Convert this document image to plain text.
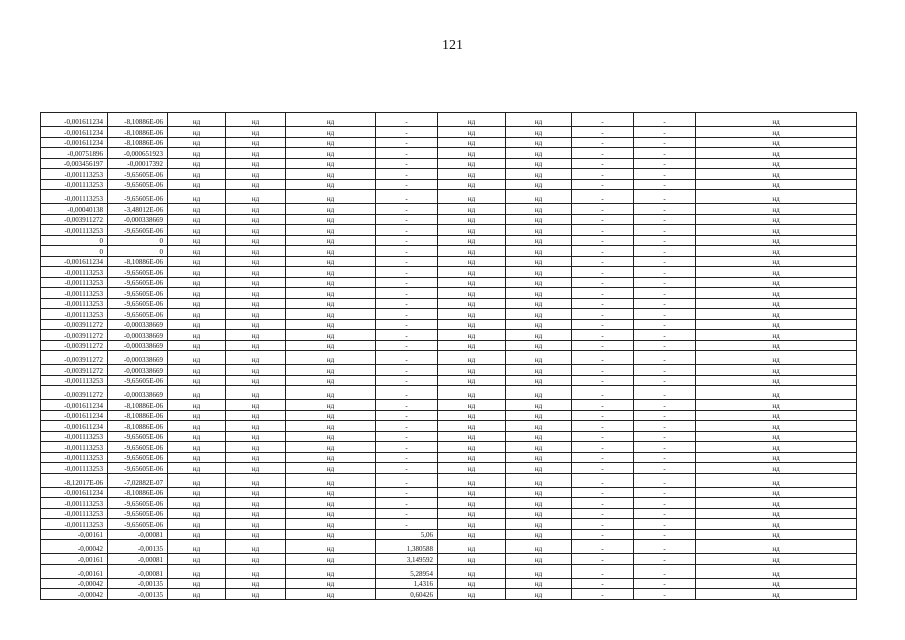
121
-0,001611234	-8,10886E-06	нд	нд	нд	-	нд	нд	-	-	нд
-0,001611234	-8,10886E-06	нд	нд	нд	-	нд	нд	-	-	нд
-0,001611234	-8,10886E-06	нд	нд	нд	-	нд	нд	-	-	нд
-0,00751896	-0,000651923	нд	нд	нд	-	нд	нд	-	-	нд
-0,003456197	-0,00017392	нд	нд	нд	-	нд	нд	-	-	нд
-0,001113253	-9,65605E-06	нд	нд	нд	-	нд	нд	-	-	нд
-0,001113253	-9,65605E-06	нд	нд	нд	-	нд	нд	-	-	нд
-0,001113253	-9,65605E-06	нд	нд	нд	-	нд	нд	-	-	нд
-0,00040138	-3,48012E-06	нд	нд	нд	-	нд	нд	-	-	нд
-0,003911272	-0,000338669	нд	нд	нд	-	нд	нд	-	-	нд
-0,001113253	-9,65605E-06	нд	нд	нд	-	нд	нд	-	-	нд
0	0	нд	нд	нд	-	нд	нд	-	-	нд
0	0	нд	нд	нд	-	нд	нд	-	-	нд
-0,001611234	-8,10886E-06	нд	нд	нд	-	нд	нд	-	-	нд
-0,001113253	-9,65605E-06	нд	нд	нд	-	нд	нд	-	-	нд
-0,001113253	-9,65605E-06	нд	нд	нд	-	нд	нд	-	-	нд
-0,001113253	-9,65605E-06	нд	нд	нд	-	нд	нд	-	-	нд
-0,001113253	-9,65605E-06	нд	нд	нд	-	нд	нд	-	-	нд
-0,001113253	-9,65605E-06	нд	нд	нд	-	нд	нд	-	-	нд
-0,003911272	-0,000338669	нд	нд	нд	-	нд	нд	-	-	нд
-0,003911272	-0,000338669	нд	нд	нд	-	нд	нд	-	-	нд
-0,003911272	-0,000338669	нд	нд	нд	-	нд	нд	-	-	нд
-0,003911272	-0,000338669	нд	нд	нд	-	нд	нд	-	-	нд
-0,003911272	-0,000338669	нд	нд	нд	-	нд	нд	-	-	нд
-0,001113253	-9,65605E-06	нд	нд	нд	-	нд	нд	-	-	нд
-0,003911272	-0,000338669	нд	нд	нд	-	нд	нд	-	-	нд
-0,001611234	-8,10886E-06	нд	нд	нд	-	нд	нд	-	-	нд
-0,001611234	-8,10886E-06	нд	нд	нд	-	нд	нд	-	-	нд
-0,001611234	-8,10886E-06	нд	нд	нд	-	нд	нд	-	-	нд
-0,001113253	-9,65605E-06	нд	нд	нд	-	нд	нд	-	-	нд
-0,001113253	-9,65605E-06	нд	нд	нд	-	нд	нд	-	-	нд
-0,001113253	-9,65605E-06	нд	нд	нд	-	нд	нд	-	-	нд
-0,001113253	-9,65605E-06	нд	нд	нд	-	нд	нд	-	-	нд
-8,12017E-06	-7,02882E-07	нд	нд	нд	-	нд	нд	-	-	нд
-0,001611234	-8,10886E-06	нд	нд	нд	-	нд	нд	-	-	нд
-0,001113253	-9,65605E-06	нд	нд	нд	-	нд	нд	-	-	нд
-0,001113253	-9,65605E-06	нд	нд	нд	-	нд	нд	-	-	нд
-0,001113253	-9,65605E-06	нд	нд	нд	-	нд	нд	-	-	нд
-0,00161	-0,00081	нд	нд	нд	5,06	нд	нд	-	-	нд
-0,00042	-0,00135	нд	нд	нд	1,380588	нд	нд	-	-	нд
-0,00161	-0,00081	нд	нд	нд	3,149592	нд	нд	-	-	нд
-0,00161	-0,00081	нд	нд	нд	5,28954	нд	нд	-	-	нд
-0,00042	-0,00135	нд	нд	нд	1,4316	нд	нд	-	-	нд
-0,00042	-0,00135	нд	нд	нд	0,60426	нд	нд	-	-	нд
